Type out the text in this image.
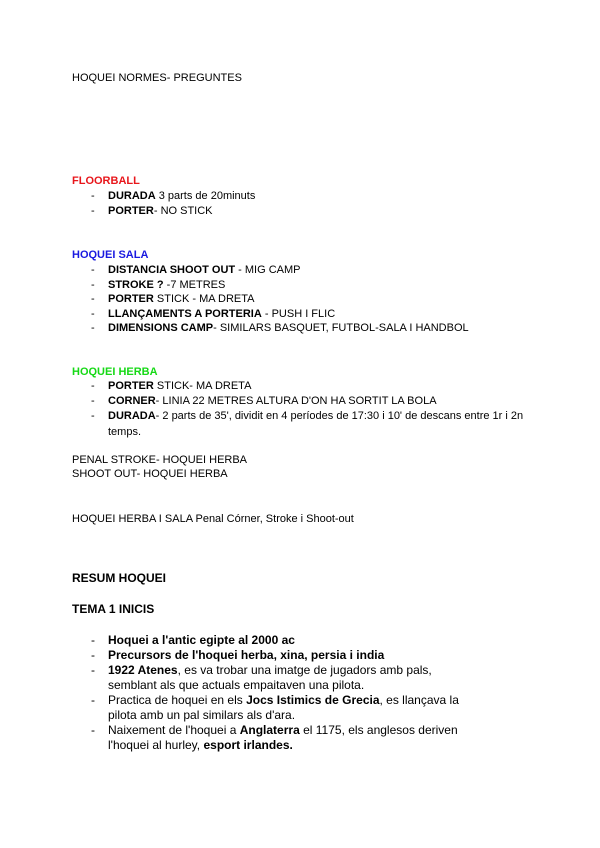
HOQUEI NORMES- PREGUNTES
FLOORBALL
- DURADA 3 parts de 20minuts
- PORTER- NO STICK
HOQUEI SALA
- DISTANCIA SHOOT OUT - MIG CAMP
- STROKE ? -7 METRES
- PORTER STICK - MA DRETA
- LLANÇAMENTS A PORTERIA - PUSH I FLIC
- DIMENSIONS CAMP- SIMILARS BASQUET, FUTBOL-SALA I HANDBOL
HOQUEI HERBA
- PORTER STICK- MA DRETA
- CORNER- LINIA 22 METRES ALTURA D'ON HA SORTIT LA BOLA
- DURADA- 2 parts de 35', dividit en 4 períodes de 17:30 i 10' de descans entre 1r i 2n temps.
PENAL STROKE- HOQUEI HERBA
SHOOT OUT- HOQUEI HERBA
HOQUEI HERBA I SALA Penal Córner, Stroke i Shoot-out
RESUM HOQUEI
TEMA 1 INICIS
- Hoquei a l'antic egipte al 2000 ac
- Precursors de l'hoquei herba, xina, persia i india
- 1922 Atenes, es va trobar una imatge de jugadors amb pals, semblant als que actuals empaitaven una pilota.
- Practica de hoquei en els Jocs Istimics de Grecia, es llançava la pilota amb un pal similars als d'ara.
- Naixement de l'hoquei a Anglaterra el 1175, els anglesos deriven l'hoquei al hurley, esport irlandes.
